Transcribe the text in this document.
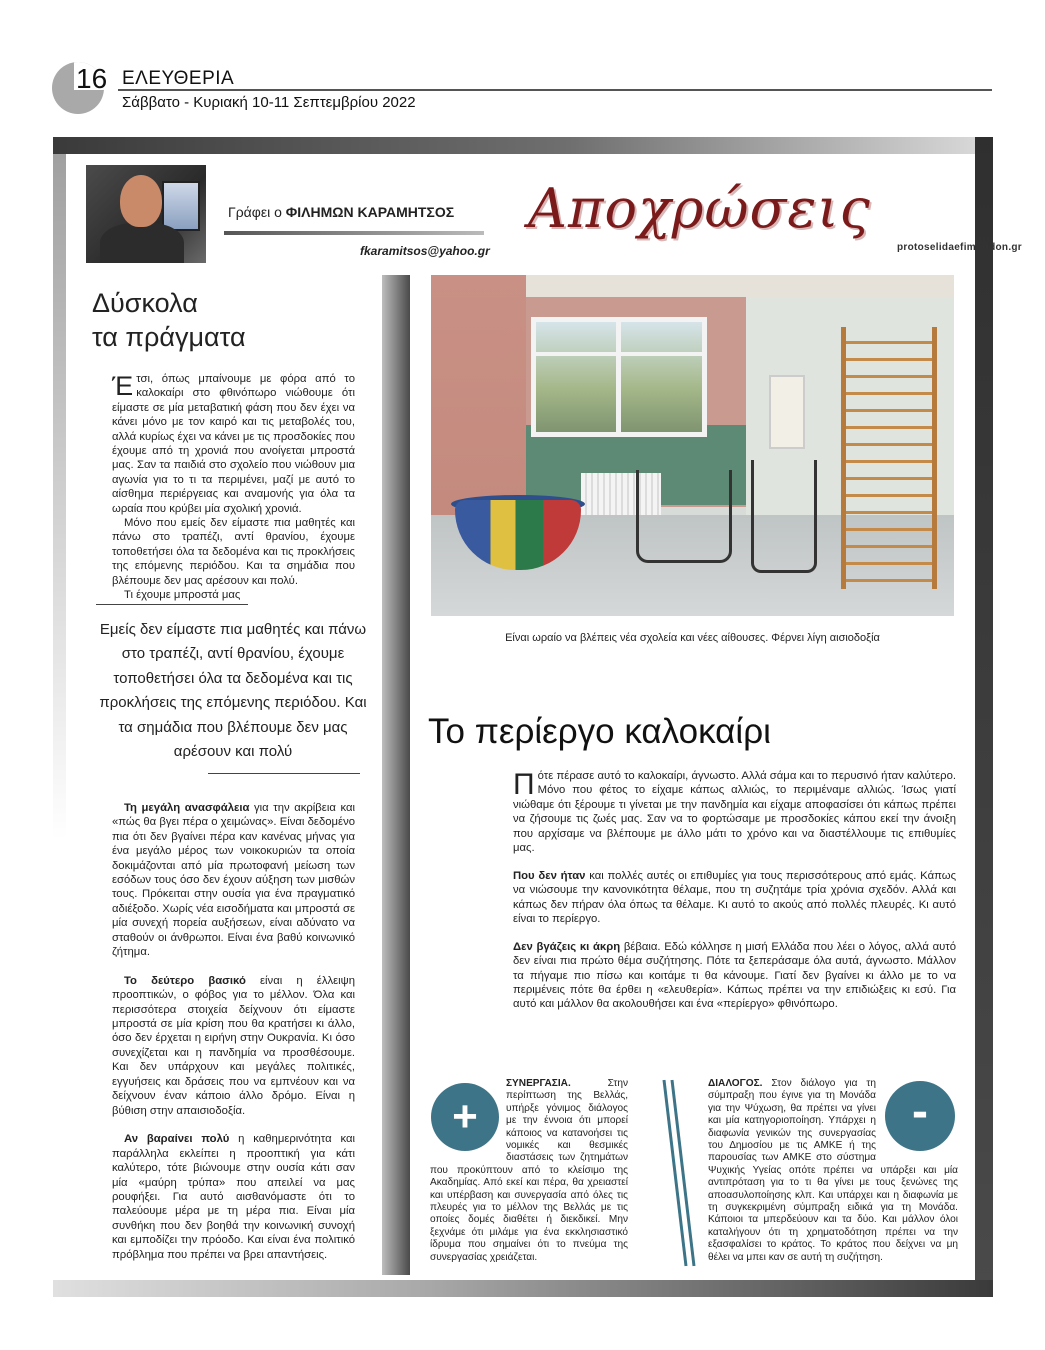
16 ΕΛΕΥΘΕΡΙΑ
Σάββατο - Κυριακή 10-11 Σεπτεμβρίου 2022
Γράφει ο ΦΙΛΗΜΩΝ ΚΑΡΑΜΗΤΣΟΣ
fkaramitsos@yahoo.gr
Αποχρώσεις
protoselidaefimeridon.gr
Δύσκολα
τα πράγματα

Έτσι, όπως μπαίνουμε με φόρα από το καλοκαίρι στο φθινόπωρο νιώθουμε ότι είμαστε σε μία μεταβατική φάση που δεν έχει να κάνει μόνο με τον καιρό και τις μεταβολές του, αλλά κυρίως έχει να κάνει με τις προσδοκίες που έχουμε από τη χρονιά που ανοίγεται μπροστά μας. Σαν τα παιδιά στο σχολείο που νιώθουν μια αγωνία για το τι τα περιμένει, μαζί με αυτό το αίσθημα περιέργειας και αναμονής για όλα τα ωραία που κρύβει μία σχολική χρονιά.

Μόνο που εμείς δεν είμαστε πια μαθητές και πάνω στο τραπέζι, αντί θρανίου, έχουμε τοποθετήσει όλα τα δεδομένα και τις προκλήσεις της επόμενης περιόδου. Και τα σημάδια που βλέπουμε δεν μας αρέσουν και πολύ.

Τι έχουμε μπροστά μας

Εμείς δεν είμαστε πια μαθητές και πάνω στο τραπέζι, αντί θρανίου, έχουμε τοποθετήσει όλα τα δεδομένα και τις προκλήσεις της επόμενης περιόδου. Και τα σημάδια που βλέπουμε δεν μας αρέσουν και πολύ

Τη μεγάλη ανασφάλεια για την ακρίβεια και «πώς θα βγει πέρα ο χειμώνας». Είναι δεδομένο πια ότι δεν βγαίνει πέρα καν κανένας μήνας για ένα μεγάλο μέρος των νοικοκυριών τα οποία δοκιμάζονται από μία πρωτοφανή μείωση των εσόδων τους όσο δεν έχουν αύξηση των μισθών τους. Πρόκειται στην ουσία για ένα πραγματικό αδιέξοδο. Χωρίς νέα εισοδήματα και μπροστά σε μία συνεχή πορεία αυξήσεων, είναι αδύνατο να σταθούν οι άνθρωποι. Είναι ένα βαθύ κοινωνικό ζήτημα.

Το δεύτερο βασικό είναι η έλλειψη προοπτικών, ο φόβος για το μέλλον. Όλα και περισσότερα στοιχεία δείχνουν ότι είμαστε μπροστά σε μία κρίση που θα κρατήσει κι άλλο, όσο δεν έρχεται η ειρήνη στην Ουκρανία. Κι όσο συνεχίζεται και η πανδημία να προσθέσουμε. Και δεν υπάρχουν και μεγάλες πολιτικές, εγγυήσεις και δράσεις που να εμπνέουν και να δείχνουν έναν κάποιο άλλο δρόμο. Είναι η βύθιση στην απαισιοδοξία.

Αν βαραίνει πολύ η καθημερινότητα και παράλληλα εκλείπει η προοπτική για κάτι καλύτερο, τότε βιώνουμε στην ουσία κάτι σαν μία «μαύρη τρύπα» που απειλεί να μας ρουφήξει. Για αυτό αισθανόμαστε ότι το παλεύουμε μέρα με τη μέρα πια. Είναι μία συνθήκη που δεν βοηθά την κοινωνική συνοχή και εμποδίζει την πρόοδο. Και είναι ένα πολιτικό πρόβλημα που πρέπει να βρει απαντήσεις.

Είναι ωραίο να βλέπεις νέα σχολεία και νέες αίθουσες. Φέρνει λίγη αισιοδοξία
Το περίεργο καλοκαίρι

Πότε πέρασε αυτό το καλοκαίρι, άγνωστο. Αλλά σάμα και το περυσινό ήταν καλύτερο. Μόνο που φέτος το είχαμε κάπως αλλιώς, το περιμέναμε αλλιώς. Ίσως γιατί νιώθαμε ότι ξέρουμε τι γίνεται με την πανδημία και είχαμε αποφασίσει ότι κάπως πρέπει να ζήσουμε τις ζωές μας. Σαν να το φορτώσαμε με προσδοκίες κάπου εκεί την άνοιξη που αρχίσαμε να βλέπουμε με άλλο μάτι το χρόνο και να διαστέλλουμε τις επιθυμίες μας.

Που δεν ήταν και πολλές αυτές οι επιθυμίες για τους περισσότερους από εμάς. Κάπως να νιώσουμε την κανονικότητα θέλαμε, που τη συζητάμε τρία χρόνια σχεδόν. Αλλά και κάπως δεν πήραν όλα όπως τα θέλαμε. Κι αυτό το ακούς από πολλές πλευρές. Κι αυτό είναι το περίεργο.

Δεν βγάζεις κι άκρη βέβαια. Εδώ κόλλησε η μισή Ελλάδα που λέει ο λόγος, αλλά αυτό δεν είναι πια πρώτο θέμα συζήτησης. Πότε τα ξεπεράσαμε όλα αυτά, άγνωστο. Μάλλον τα πήγαμε πιο πίσω και κοιτάμε τι θα κάνουμε. Γιατί δεν βγαίνει κι άλλο με το να περιμένεις πότε θα έρθει η «ελευθερία». Κάπως πρέπει να την επιδιώξεις κι εσύ. Για αυτό και μάλλον θα ακολουθήσει και ένα «περίεργο» φθινόπωρο.

ΣΥΝΕΡΓΑΣΙΑ.	Στην περίπτωση της Βελλάς, υπήρξε γόνιμος διάλογος με την έννοια ότι μπορεί κάποιος να κατανοήσει τις νομικές και θεσμικές διαστάσεις των ζητημάτων που προκύπτουν από το κλείσιμο της Ακαδημίας. Από εκεί και πέρα, θα χρειαστεί και υπέρβαση και συνεργασία από όλες τις πλευρές για το μέλλον της Βελλάς με τις οποίες δομές διαθέτει ή διεκδικεί. Μην ξεχνάμε ότι μιλάμε για ένα εκκλησιαστικό ίδρυμα που σημαίνει ότι το πνεύμα της συνεργασίας χρειάζεται.
+
ΔΙΑΛΟΓΟΣ. Στον διάλογο για τη σύμπραξη που έγινε για τη Μονάδα για την Ψύχωση, θα πρέπει να γίνει και μία κατηγοριοποίηση. Υπάρχει η διαφωνία γενικών της συνεργασίας του Δημοσίου με τις ΑΜΚΕ ή της παρουσίας των ΑΜΚΕ στο σύστημα Ψυχικής Υγείας οπότε πρέπει να υπάρξει και μία αντιπρόταση για το τι θα γίνει με τους ξενώνες της αποασυλοποίησης κλπ. Και υπάρχει και η διαφωνία με τη συγκεκριμένη σύμπραξη ειδικά για τη Μονάδα. Κάποιοι τα μπερδεύουν και τα δύο. Και μάλλον όλοι καταλήγουν ότι τη χρηματοδότηση πρέπει να την εξασφαλίσει το κράτος. Το κράτος που δείχνει να μη θέλει να μπει καν σε αυτή τη συζήτηση.
-
